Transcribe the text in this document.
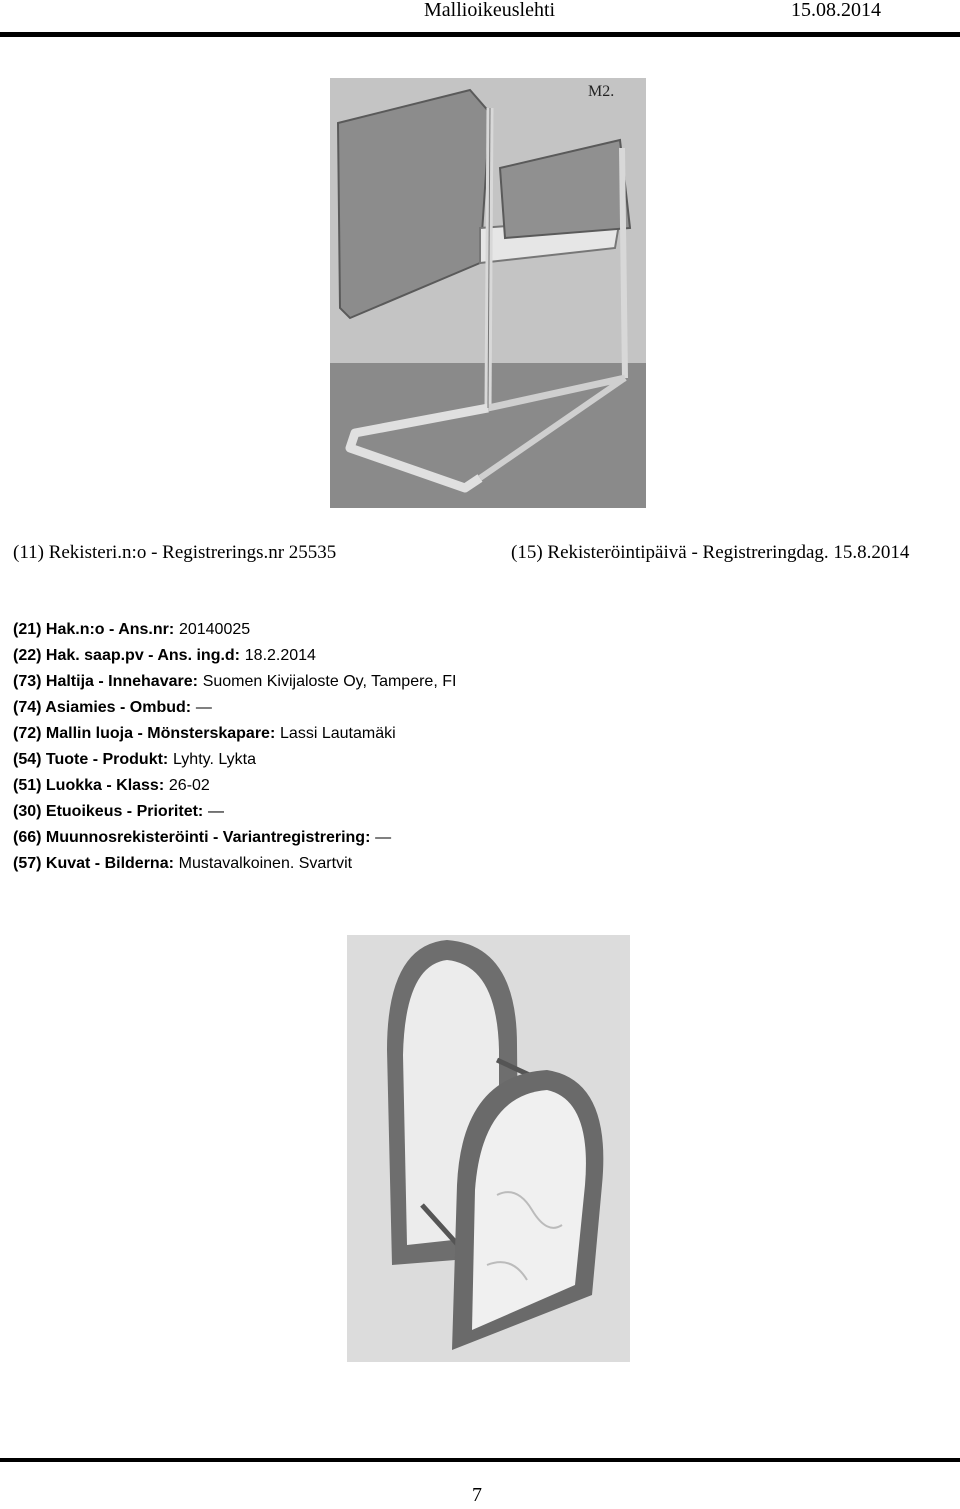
Mallioikeuslehti	15.08.2014
M2.
(11) Rekisteri.n:o - Registrerings.nr 25535	(15) Rekisteröintipäivä - Registreringdag. 15.8.2014
(21) Hak.n:o - Ans.nr: 20140025
(22) Hak. saap.pv - Ans. ing.d: 18.2.2014
(73) Haltija - Innehavare: Suomen Kivijaloste Oy, Tampere, FI
(74) Asiamies - Ombud: —
(72) Mallin luoja - Mönsterskapare: Lassi Lautamäki
(54) Tuote - Produkt: Lyhty. Lykta
(51) Luokka - Klass: 26-02
(30) Etuoikeus - Prioritet: —
(66) Muunnosrekisteröinti - Variantregistrering: —
(57) Kuvat - Bilderna: Mustavalkoinen. Svartvit
7
